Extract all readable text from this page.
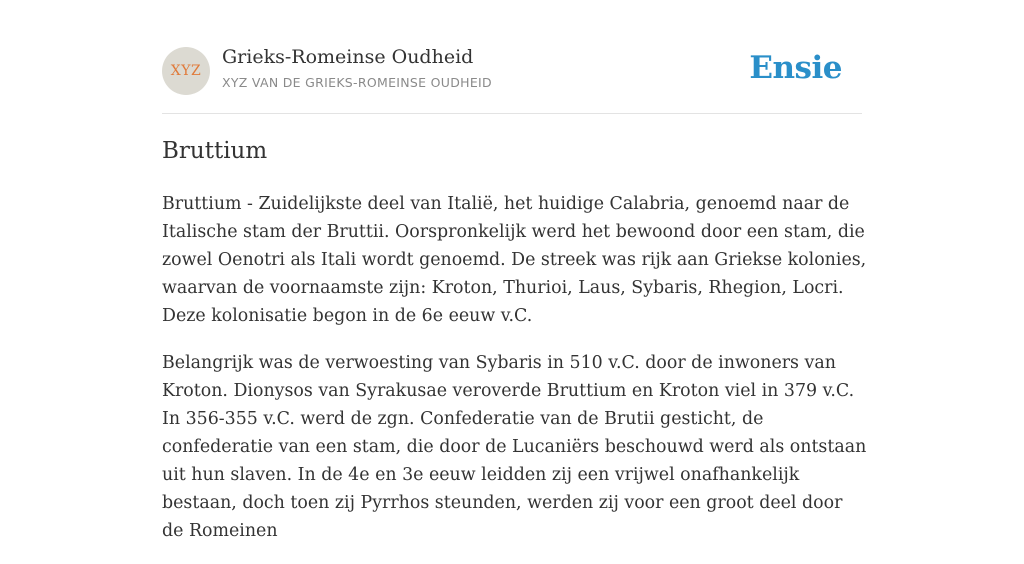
XYZ
Grieks-Romeinse Oudheid
XYZ VAN DE GRIEKS-ROMEINSE OUDHEID	Ensie
Bruttium

Bruttium - Zuidelijkste deel van Italië, het huidige Calabria, genoemd naar de Italische stam der Bruttii. Oorspronkelijk werd het bewoond door een stam, die zowel Oenotri als Itali wordt genoemd. De streek was rijk aan Griekse kolonies, waarvan de voornaamste zijn: Kroton, Thurioi, Laus, Sybaris, Rhegion, Locri. Deze kolonisatie begon in de 6e eeuw v.C.

Belangrijk was de verwoesting van Sybaris in 510 v.C. door de inwoners van Kroton. Dionysos van Syrakusae veroverde Bruttium en Kroton viel in 379 v.C. In 356-355 v.C. werd de zgn. Confederatie van de Brutii gesticht, de confederatie van een stam, die door de Lucaniërs beschouwd werd als ontstaan uit hun slaven. In de 4e en 3e eeuw leidden zij een vrijwel onafhankelijk bestaan, doch toen zij Pyrrhos steunden, werden zij voor een groot deel door de Romeinen
